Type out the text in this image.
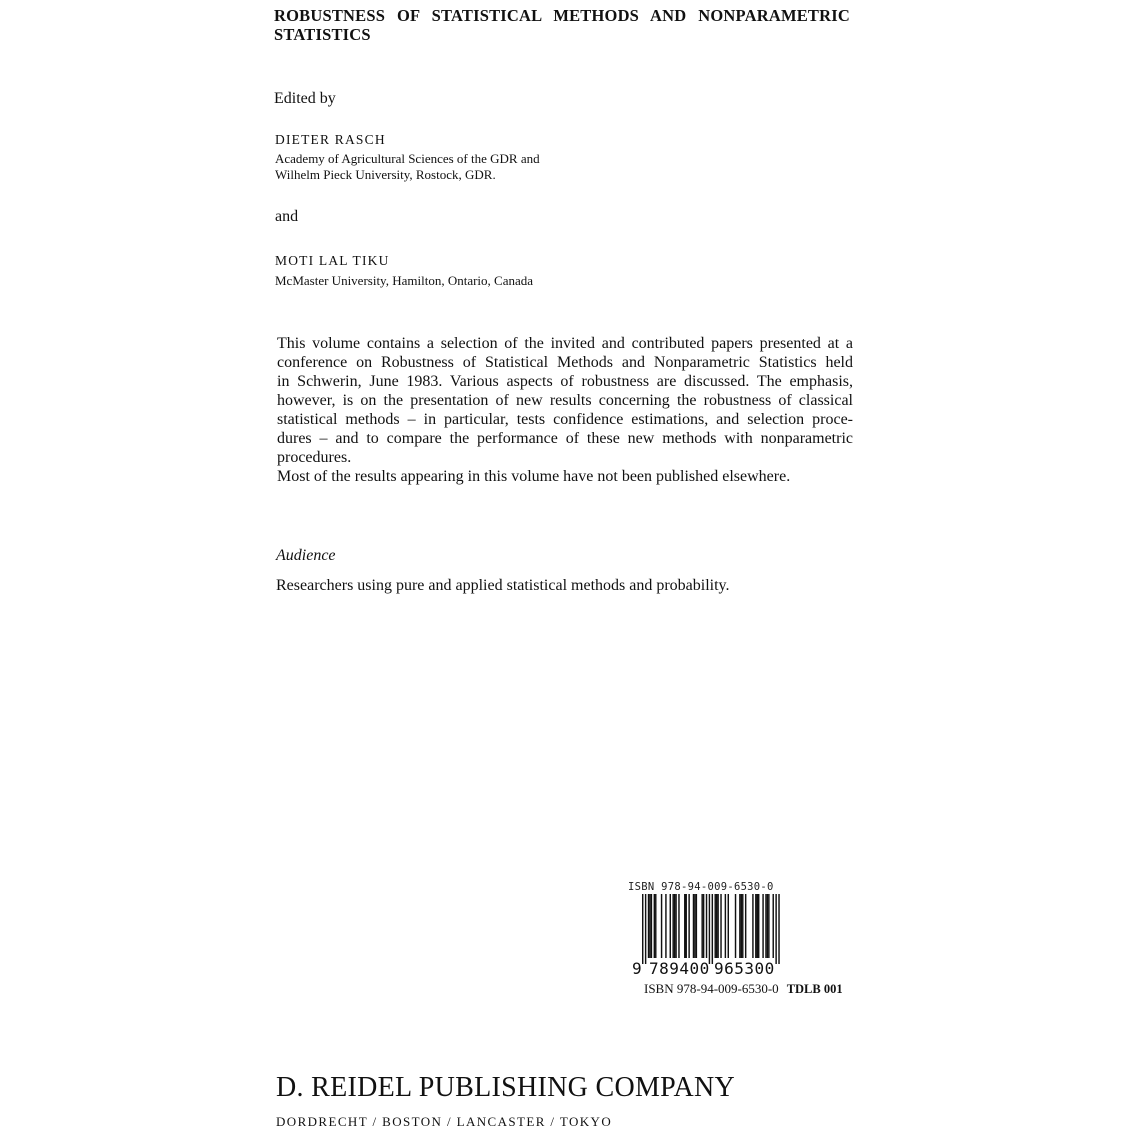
ROBUSTNESS OF STATISTICAL METHODS AND NONPARAMETRIC
STATISTICS
Edited by
DIETER RASCH
Academy of Agricultural Sciences of the GDR and
Wilhelm Pieck University, Rostock, GDR.
and
MOTI LAL TIKU
McMaster University, Hamilton, Ontario, Canada
This volume contains a selection of the invited and contributed papers presented at a
conference on Robustness of Statistical Methods and Nonparametric Statistics held
in Schwerin, June 1983. Various aspects of robustness are discussed. The emphasis,
however, is on the presentation of new results concerning the robustness of classical
statistical methods – in particular, tests confidence estimations, and selection proce-
dures – and to compare the performance of these new methods with nonparametric
procedures.
Most of the results appearing in this volume have not been published elsewhere.
Audience
Researchers using pure and applied statistical methods and probability.
ISBN 978-94-009-6530-0
9 789400 965300
ISBN 978-94-009-6530-0 TDLB 001
D. REIDEL PUBLISHING COMPANY
DORDRECHT / BOSTON / LANCASTER / TOKYO
